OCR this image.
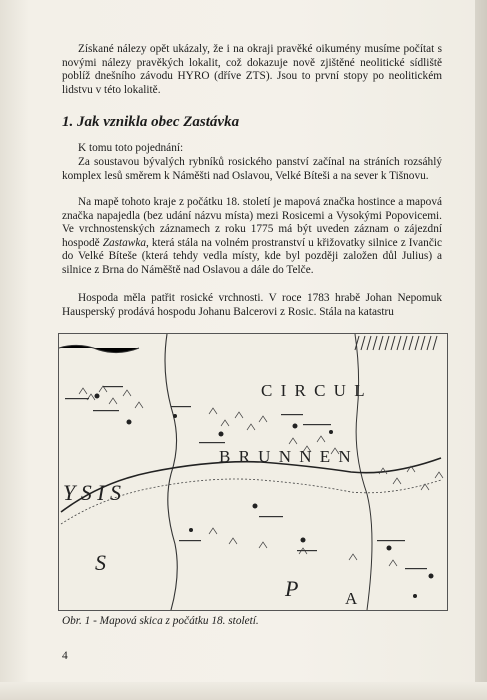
Získané nálezy opět ukázaly, že i na okraji pravěké oikumény musíme počítat s novými nálezy pravěkých lokalit, což dokazuje nově zjištěné neolitické sídliště poblíž dnešního závodu HYRO (dříve ZTS). Jsou to první stopy po neolitickém lidstvu v této lokalitě.

1. Jak vznikla obec Zastávka

K tomu toto pojednání:

Za soustavou bývalých rybníků rosického panství začínal na stráních rozsáhlý komplex lesů směrem k Náměšti nad Oslavou, Velké Bíteši a na sever k Tišnovu.

Na mapě tohoto kraje z počátku 18. století je mapová značka hostince a mapová značka napajedla (bez udání názvu místa) mezi Rosicemi a Vysokými Popovicemi. Ve vrchnostenských záznamech z roku 1775 má být uveden záznam o zájezdní hospodě Zastawka, která stála na volném prostranství u křižovatky silnice z Ivančic do Velké Bíteše (která tehdy vedla místy, kde byl později založen důl Julius) a silnice z Brna do Náměště nad Oslavou a dále do Telče.

Hospoda měla patřit rosické vrchnosti. V roce 1783 hrabě Johan Nepomuk Hausperský prodává hospodu Johanu Balcerovi z Rosic. Stála na katastru

C I R C U L
B R U N N E N
Y S I S
S
P	A

Obr. 1 - Mapová skica z počátku 18. století.

4
